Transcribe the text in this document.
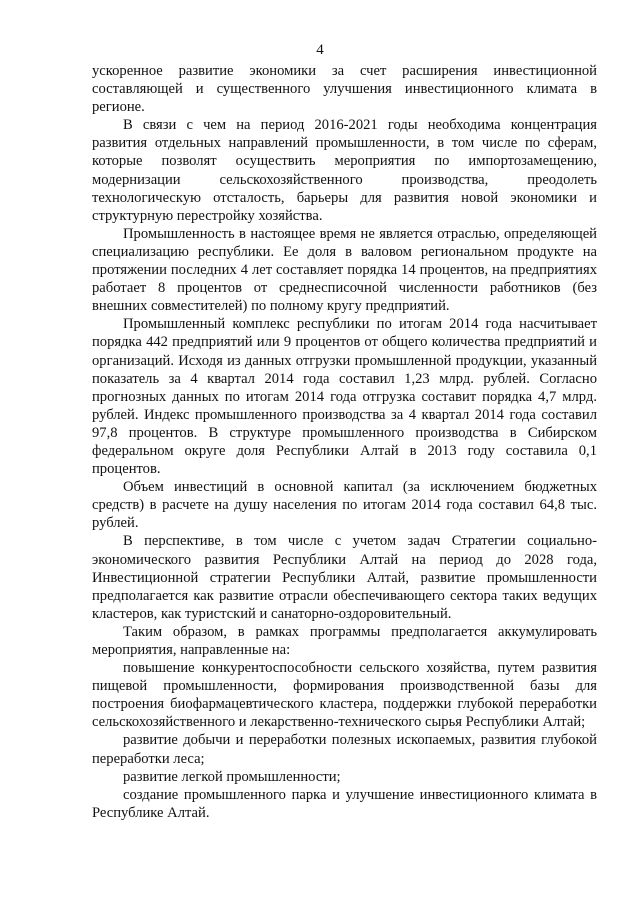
4

ускоренное развитие экономики за счет расширения инвестиционной составляющей и существенного улучшения инвестиционного климата в регионе.

В связи с чем на период 2016-2021 годы необходима концентрация развития отдельных направлений промышленности, в том числе по сферам, которые позволят осуществить мероприятия по импортозамещению, модернизации сельскохозяйственного производства, преодолеть технологическую отсталость, барьеры для развития новой экономики и структурную перестройку хозяйства.

Промышленность в настоящее время не является отраслью, определяющей специализацию республики. Ее доля в валовом региональном продукте на протяжении последних 4 лет составляет порядка 14 процентов, на предприятиях работает 8 процентов от среднесписочной численности работников (без внешних совместителей) по полному кругу предприятий.

Промышленный комплекс республики по итогам 2014 года насчитывает порядка 442 предприятий или 9 процентов от общего количества предприятий и организаций. Исходя из данных отгрузки промышленной продукции, указанный показатель за 4 квартал 2014 года составил 1,23 млрд. рублей. Согласно прогнозных данных по итогам 2014 года отгрузка составит порядка 4,7 млрд. рублей. Индекс промышленного производства за 4 квартал 2014 года составил 97,8 процентов. В структуре промышленного производства в Сибирском федеральном округе доля Республики Алтай в 2013 году составила 0,1 процентов.

Объем инвестиций в основной капитал (за исключением бюджетных средств) в расчете на душу населения по итогам 2014 года составил 64,8 тыс. рублей.

В перспективе, в том числе с учетом задач Стратегии социально-экономического развития Республики Алтай на период до 2028 года, Инвестиционной стратегии Республики Алтай, развитие промышленности предполагается как развитие отрасли обеспечивающего сектора таких ведущих кластеров, как туристский и санаторно-оздоровительный.

Таким образом, в рамках программы предполагается аккумулировать мероприятия, направленные на:

повышение конкурентоспособности сельского хозяйства, путем развития пищевой промышленности, формирования производственной базы для построения биофармацевтического кластера, поддержки глубокой переработки сельскохозяйственного и лекарственно-технического сырья Республики Алтай;

развитие добычи и переработки полезных ископаемых, развития глубокой переработки леса;

развитие легкой промышленности;

создание промышленного парка и улучшение инвестиционного климата в Республике Алтай.
